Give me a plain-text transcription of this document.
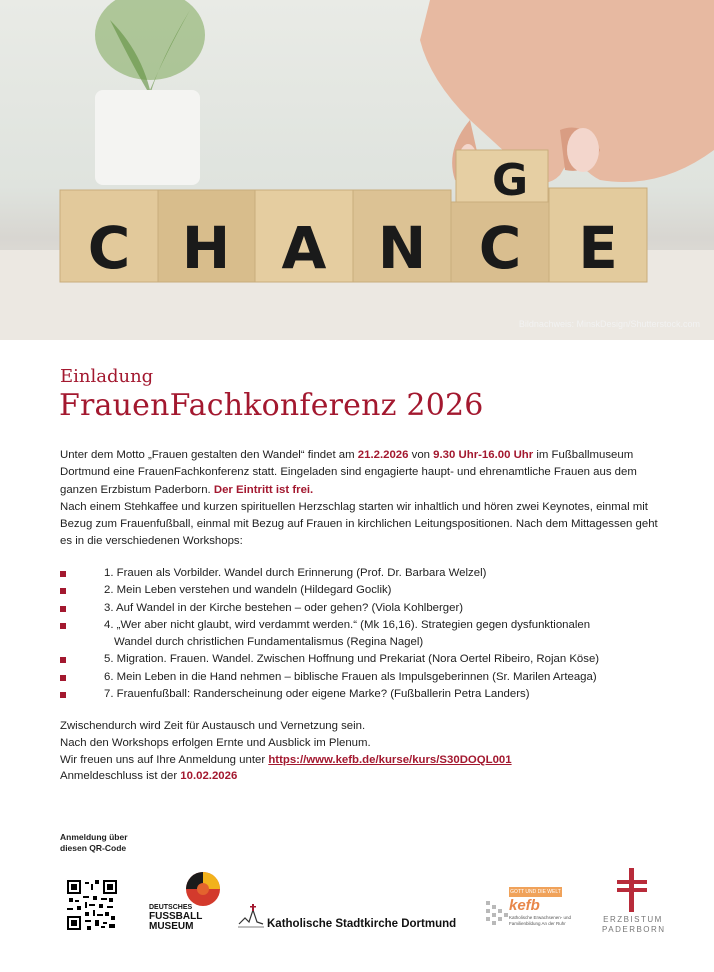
C H A N
G
C E
Bildnachweis: MinskDesign/Shutterstock.com
Einladung
FrauenFachkonferenz 2026

Unter dem Motto „Frauen gestalten den Wandel“ findet am 21.2.2026 von 9.30 Uhr-16.00 Uhr im Fußballmuseum Dortmund eine FrauenFachkonferenz statt. Eingeladen sind engagierte haupt- und ehrenamtliche Frauen aus dem ganzen Erzbistum Paderborn. Der Eintritt ist frei.

Nach einem Stehkaffee und kurzen spirituellen Herzschlag starten wir inhaltlich und hören zwei Keynotes, einmal mit Bezug zum Frauenfußball, einmal mit Bezug auf Frauen in kirchlichen Leitungspositionen. Nach dem Mittagessen geht es in die verschiedenen Workshops:

1. Frauen als Vorbilder. Wandel durch Erinnerung (Prof. Dr. Barbara Welzel)
2. Mein Leben verstehen und wandeln (Hildegard Goclik)
3. Auf Wandel in der Kirche bestehen – oder gehen? (Viola Kohlberger)
4. „Wer aber nicht glaubt, wird verdammt werden.“ (Mk 16,16). Strategien gegen dysfunktionalen
Wandel durch christlichen Fundamentalismus (Regina Nagel)
5. Migration. Frauen. Wandel. Zwischen Hoffnung und Prekariat (Nora Oertel Ribeiro, Rojan Köse)
6. Mein Leben in die Hand nehmen – biblische Frauen als Impulsgeberinnen (Sr. Marilen Arteaga)
7. Frauenfußball: Randerscheinung oder eigene Marke? (Fußballerin Petra Landers)

Zwischendurch wird Zeit für Austausch und Vernetzung sein.

Nach den Workshops erfolgen Ernte und Ausblick im Plenum.

Wir freuen uns auf Ihre Anmeldung unter https://www.kefb.de/kurse/kurs/S30DOQL001

Anmeldeschluss ist der 10.02.2026

Anmeldung über
diesen QR-Code
DEUTSCHES
FUSSBALL
MUSEUM	Katholische Stadtkirche Dortmund
GOTT UND DIE WELT
kefb
Katholische Erwachsenen- und Familienbildung An der Ruhr	ERZBISTUM
PADERBORN
